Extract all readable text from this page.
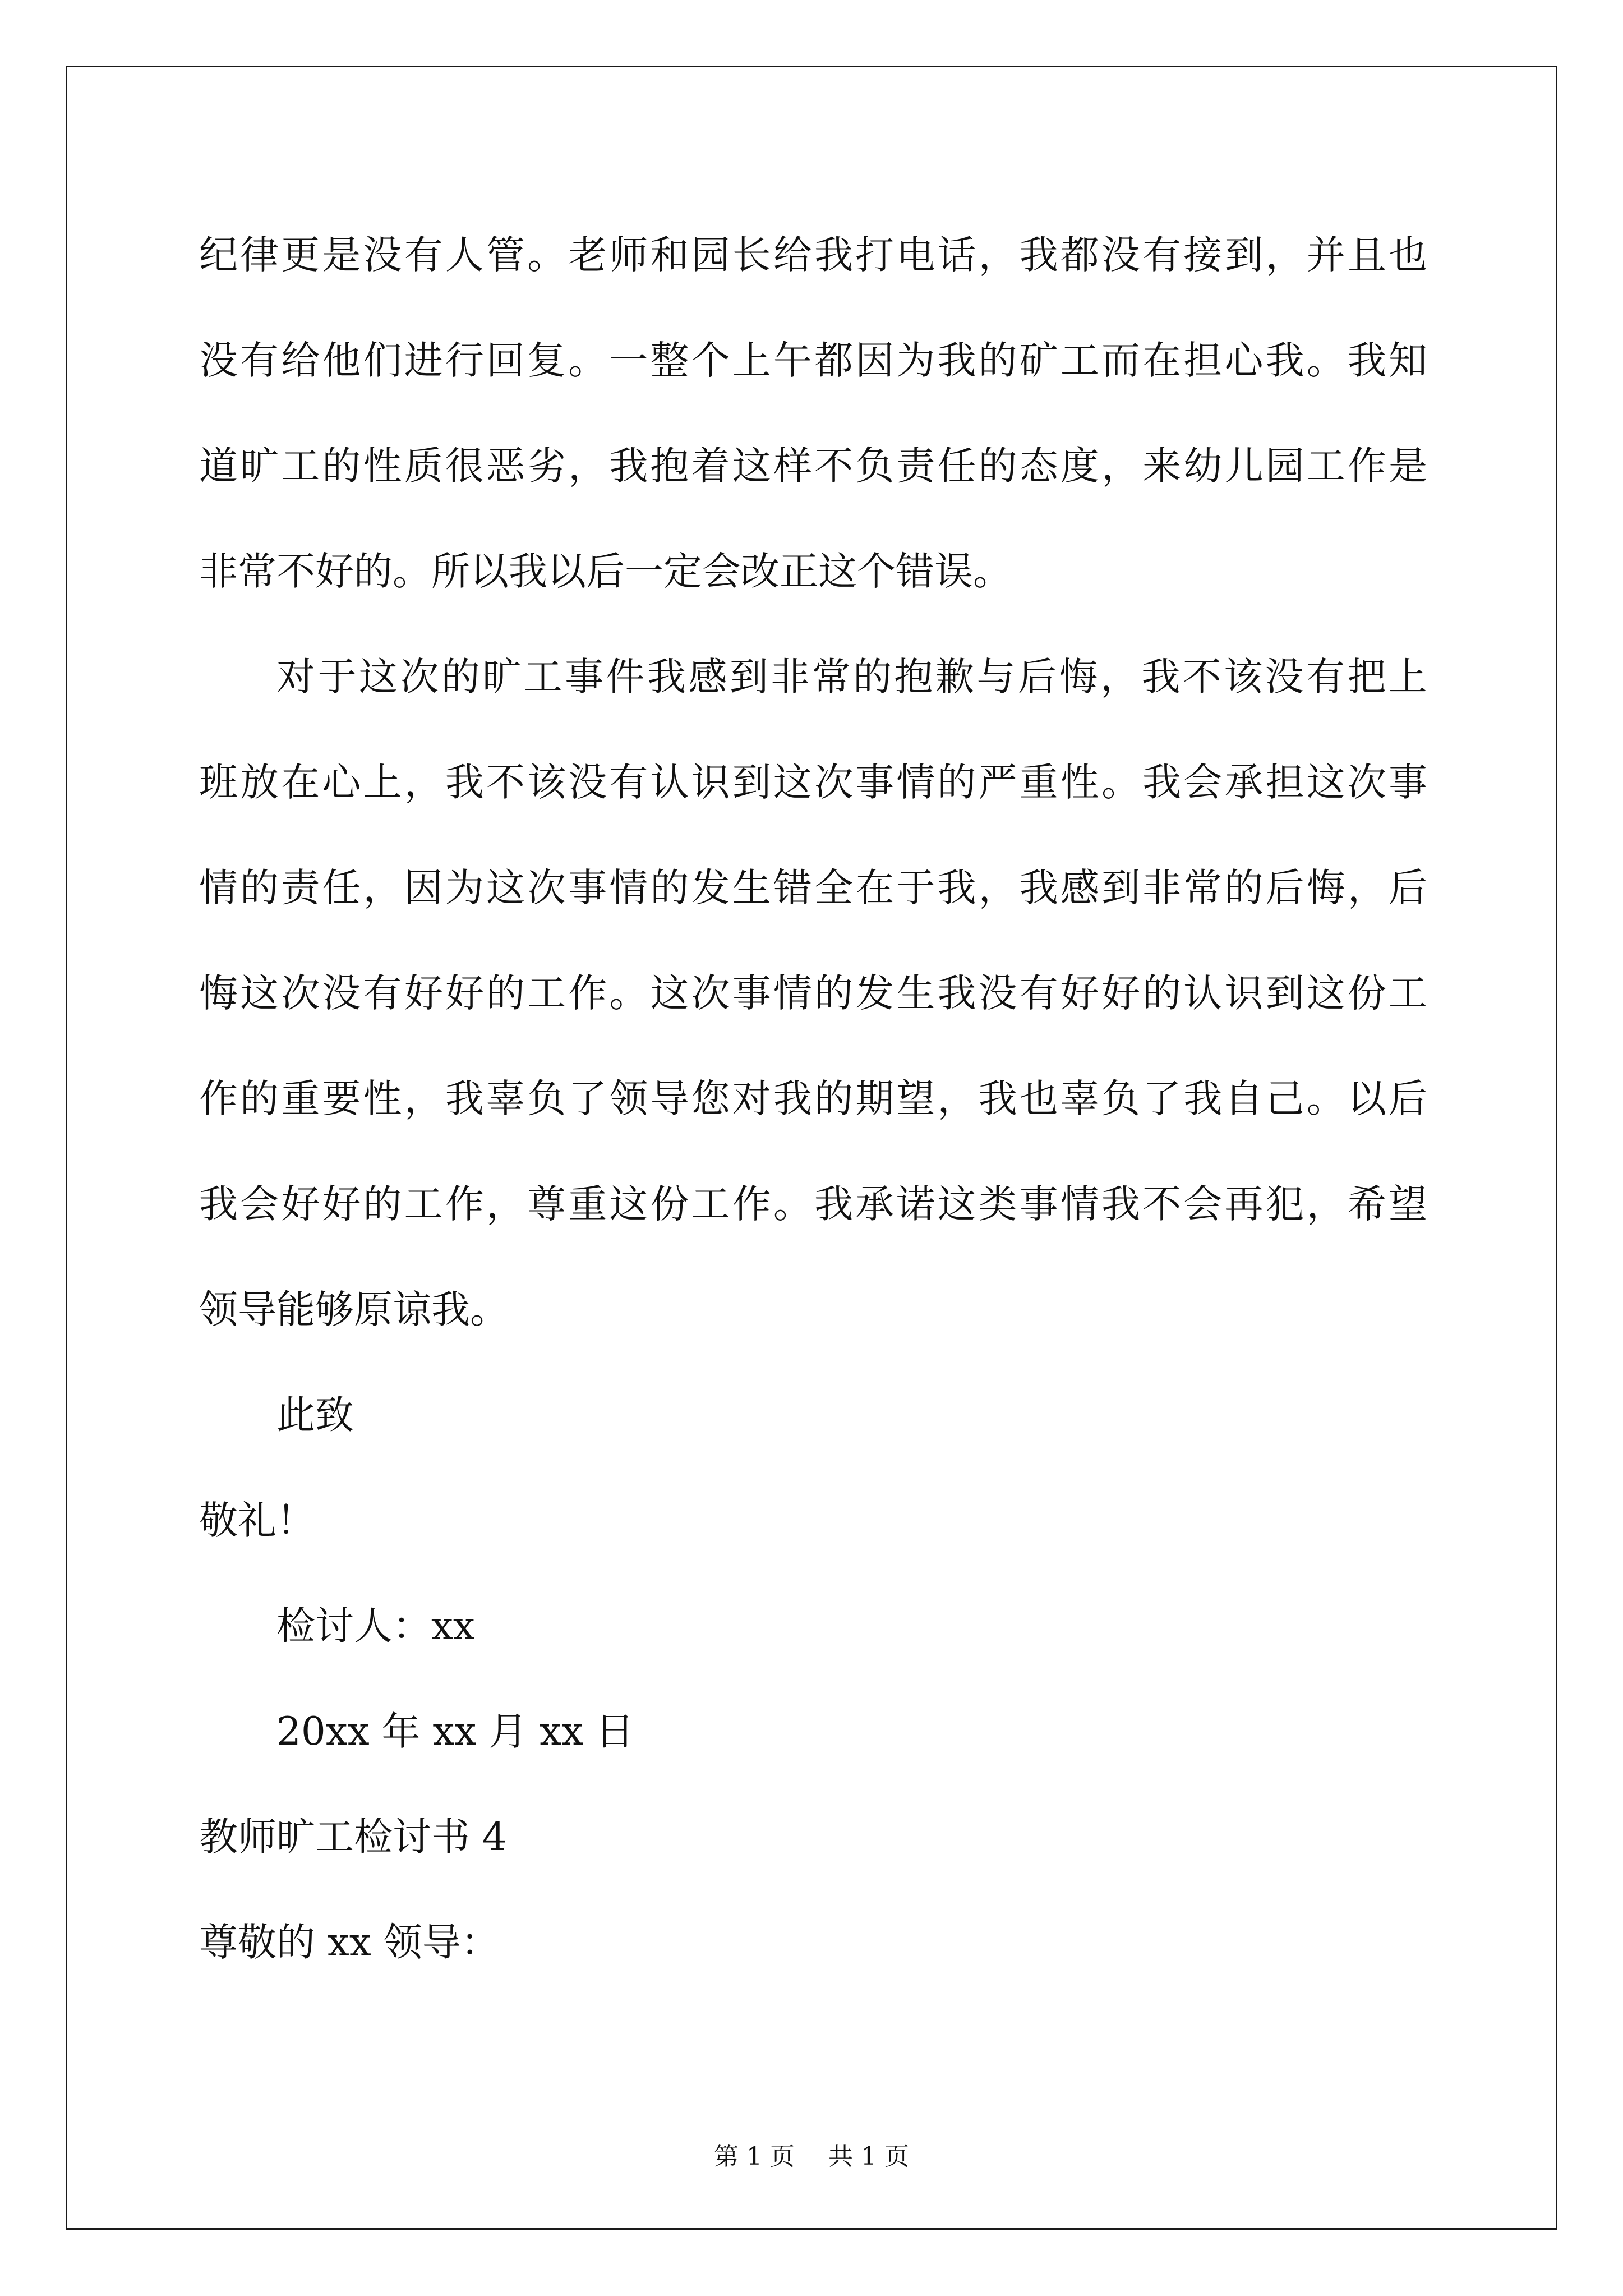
纪律更是没有人管。老师和园长给我打电话，我都没有接到，并且也
没有给他们进行回复。一整个上午都因为我的矿工而在担心我。我知
道旷工的性质很恶劣，我抱着这样不负责任的态度，来幼儿园工作是
非常不好的。所以我以后一定会改正这个错误。
对于这次的旷工事件我感到非常的抱歉与后悔，我不该没有把上
班放在心上，我不该没有认识到这次事情的严重性。我会承担这次事
情的责任，因为这次事情的发生错全在于我，我感到非常的后悔，后
悔这次没有好好的工作。这次事情的发生我没有好好的认识到这份工
作的重要性，我辜负了领导您对我的期望，我也辜负了我自己。以后
我会好好的工作，尊重这份工作。我承诺这类事情我不会再犯，希望
领导能够原谅我。
此致
敬礼！
检讨人：xx
20xx 年 xx 月 xx 日
教师旷工检讨书 4
尊敬的 xx 领导：
第 1 页 共 1 页
